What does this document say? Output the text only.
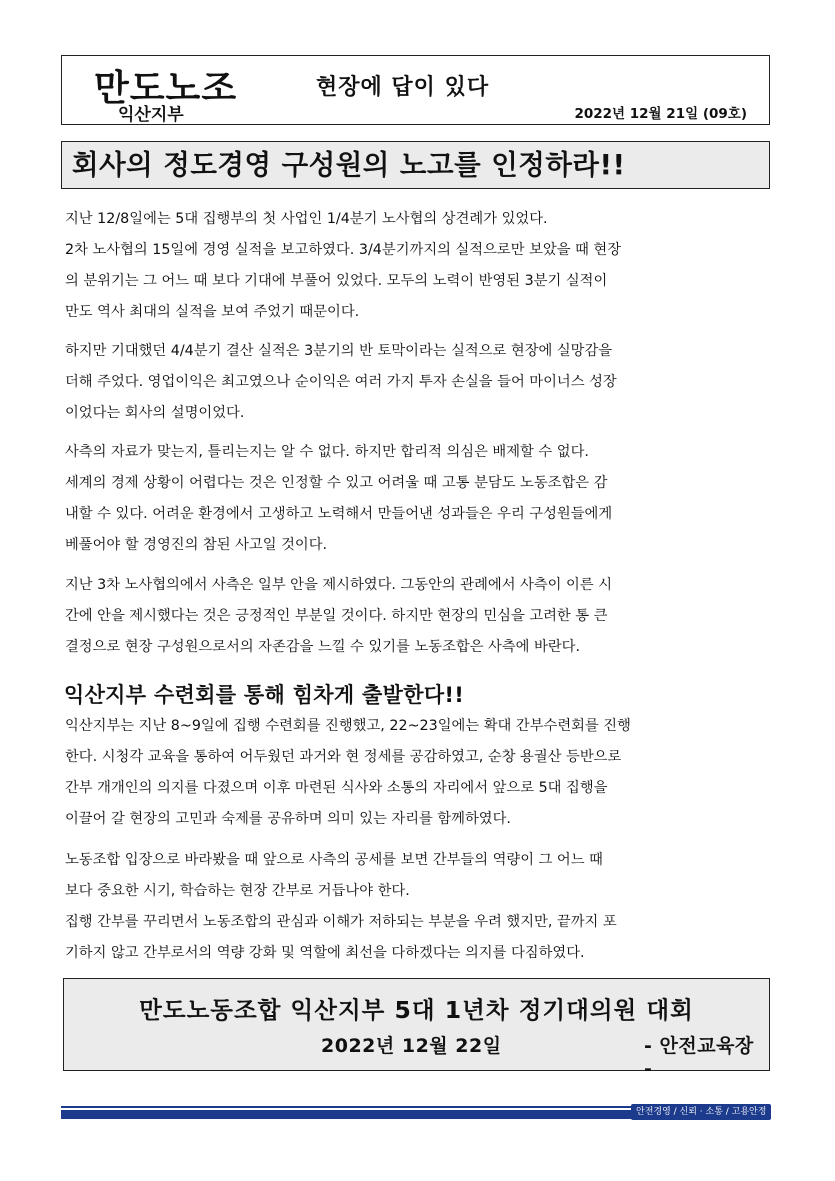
만도노조
익산지부
현장에 답이 있다
2022년 12월 21일 (09호)
회사의 정도경영 구성원의 노고를 인정하라!!

지난 12/8일에는 5대 집행부의 첫 사업인 1/4분기 노사협의 상견례가 있었다.
2차 노사협의 15일에 경영 실적을 보고하였다. 3/4분기까지의 실적으로만 보았을 때 현장
의 분위기는 그 어느 때 보다 기대에 부풀어 있었다. 모두의 노력이 반영된 3분기 실적이
만도 역사 최대의 실적을 보여 주었기 때문이다.

하지만 기대했던 4/4분기 결산 실적은 3분기의 반 토막이라는 실적으로 현장에 실망감을
더해 주었다. 영업이익은 최고였으나 순이익은 여러 가지 투자 손실을 들어 마이너스 성장
이었다는 회사의 설명이었다.

사측의 자료가 맞는지, 틀리는지는 알 수 없다. 하지만 합리적 의심은 배제할 수 없다.
세계의 경제 상황이 어렵다는 것은 인정할 수 있고 어려울 때 고통 분담도 노동조합은 감
내할 수 있다. 어려운 환경에서 고생하고 노력해서 만들어낸 성과들은 우리 구성원들에게
베풀어야 할 경영진의 참된 사고일 것이다.

지난 3차 노사협의에서 사측은 일부 안을 제시하였다. 그동안의 관례에서 사측이 이른 시
간에 안을 제시했다는 것은 긍정적인 부분일 것이다. 하지만 현장의 민심을 고려한 통 큰
결정으로 현장 구성원으로서의 자존감을 느낄 수 있기를 노동조합은 사측에 바란다.

익산지부 수련회를 통해 힘차게 출발한다!!

익산지부는 지난 8~9일에 집행 수련회를 진행했고, 22~23일에는 확대 간부수련회를 진행
한다. 시청각 교육을 통하여 어두웠던 과거와 현 정세를 공감하였고, 순창 용궐산 등반으로
간부 개개인의 의지를 다졌으며 이후 마련된 식사와 소통의 자리에서 앞으로 5대 집행을
이끌어 갈 현장의 고민과 숙제를 공유하며 의미 있는 자리를 함께하였다.

노동조합 입장으로 바라봤을 때 앞으로 사측의 공세를 보면 간부들의 역량이 그 어느 때
보다 중요한 시기, 학습하는 현장 간부로 거듭나야 한다.
집행 간부를 꾸리면서 노동조합의 관심과 이해가 저하되는 부분을 우려 했지만, 끝까지 포
기하지 않고 간부로서의 역량 강화 및 역할에 최선을 다하겠다는 의지를 다짐하였다.

만도노동조합 익산지부 5대 1년차 정기대의원 대회
2022년 12월 22일	- 안전교육장 -
안전경영 / 신뢰 · 소통 / 고용안정
